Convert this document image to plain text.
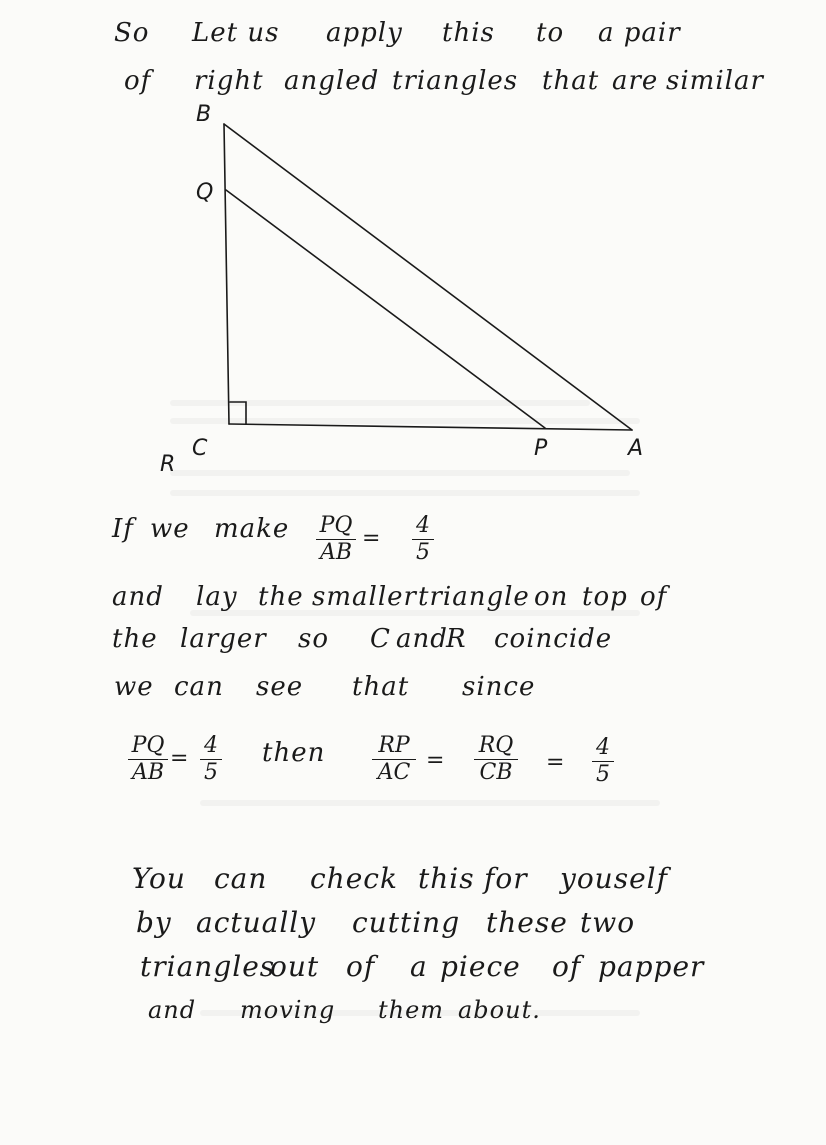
So Let us apply this to a pair
of right angled triangles that are similar
B
Q
C
R
P	A
If we make PQ
AB
=
4
5
and lay the smaller triangle on top of
the larger so C and
R coincide
we can see that since
PQ
AB
=
4
5
then RP
AC =
RQ
CB =
4
5
You can check this for youself
by actually cutting these two
triangles
out of a piece of papper
and moving them about.
